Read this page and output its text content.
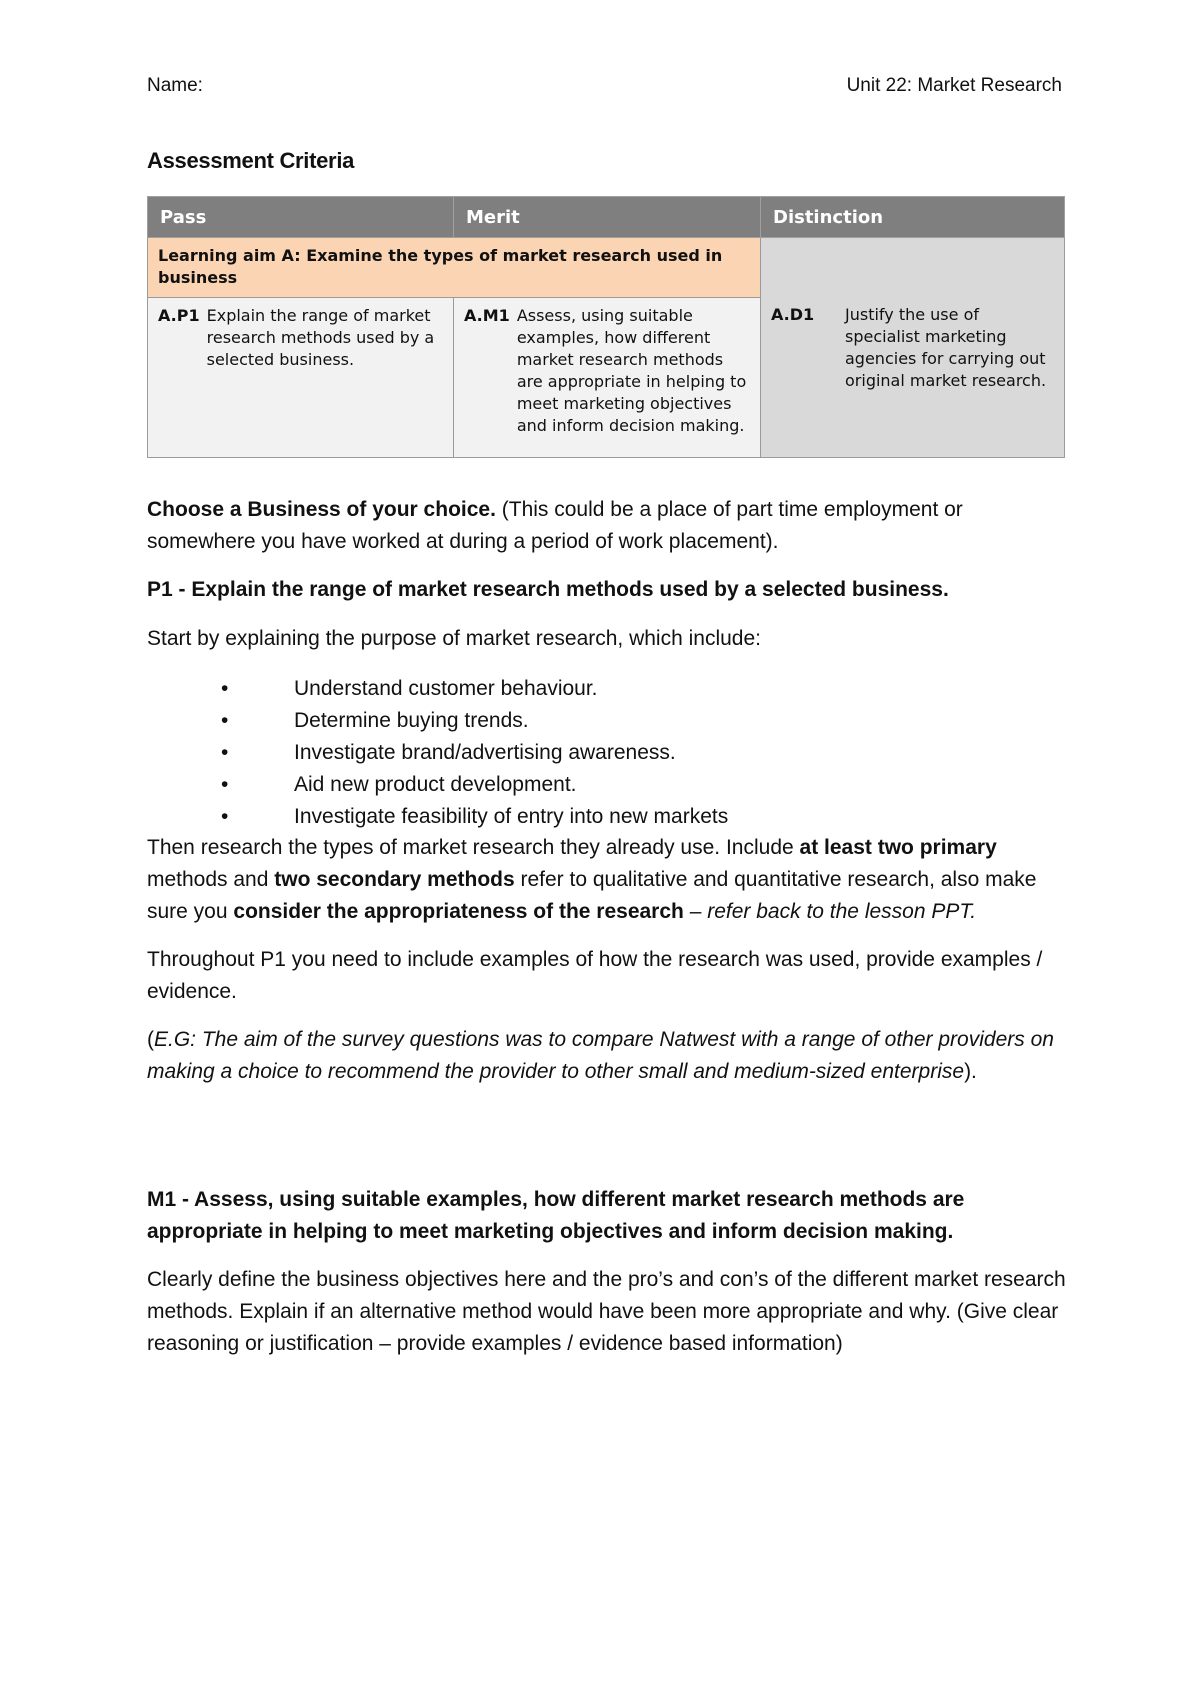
Name:	Unit 22: Market Research
Assessment Criteria
Pass	Merit	Distinction
Learning aim A: Examine the types of market research used in business		A.D1 Justify the use of specialist marketing agencies for carrying out original market research.

A.P1 Explain the range of market research methods used by a selected business.	A.M1 Assess, using suitable examples, how different market research methods are appropriate in helping to meet marketing objectives and inform decision making.	
Choose a Business of your choice. (This could be a place of part time employment or somewhere you have worked at during a period of work placement).
P1 - Explain the range of market research methods used by a selected business.
Start by explaining the purpose of market research, which include:
•	Understand customer behaviour.
•	Determine buying trends.
•	Investigate brand/advertising awareness.
•	Aid new product development.
•	Investigate feasibility of entry into new markets
Then research the types of market research they already use. Include at least two primary methods and two secondary methods refer to qualitative and quantitative research, also make sure you consider the appropriateness of the research – refer back to the lesson PPT.
Throughout P1 you need to include examples of how the research was used, provide examples / evidence.
(E.G: The aim of the survey questions was to compare Natwest with a range of other providers on making a choice to recommend the provider to other small and medium-sized enterprise).
M1 - Assess, using suitable examples, how different market research methods are appropriate in helping to meet marketing objectives and inform decision making.
Clearly define the business objectives here and the pro’s and con’s of the different market research methods. Explain if an alternative method would have been more appropriate and why. (Give clear reasoning or justification – provide examples / evidence based information)
